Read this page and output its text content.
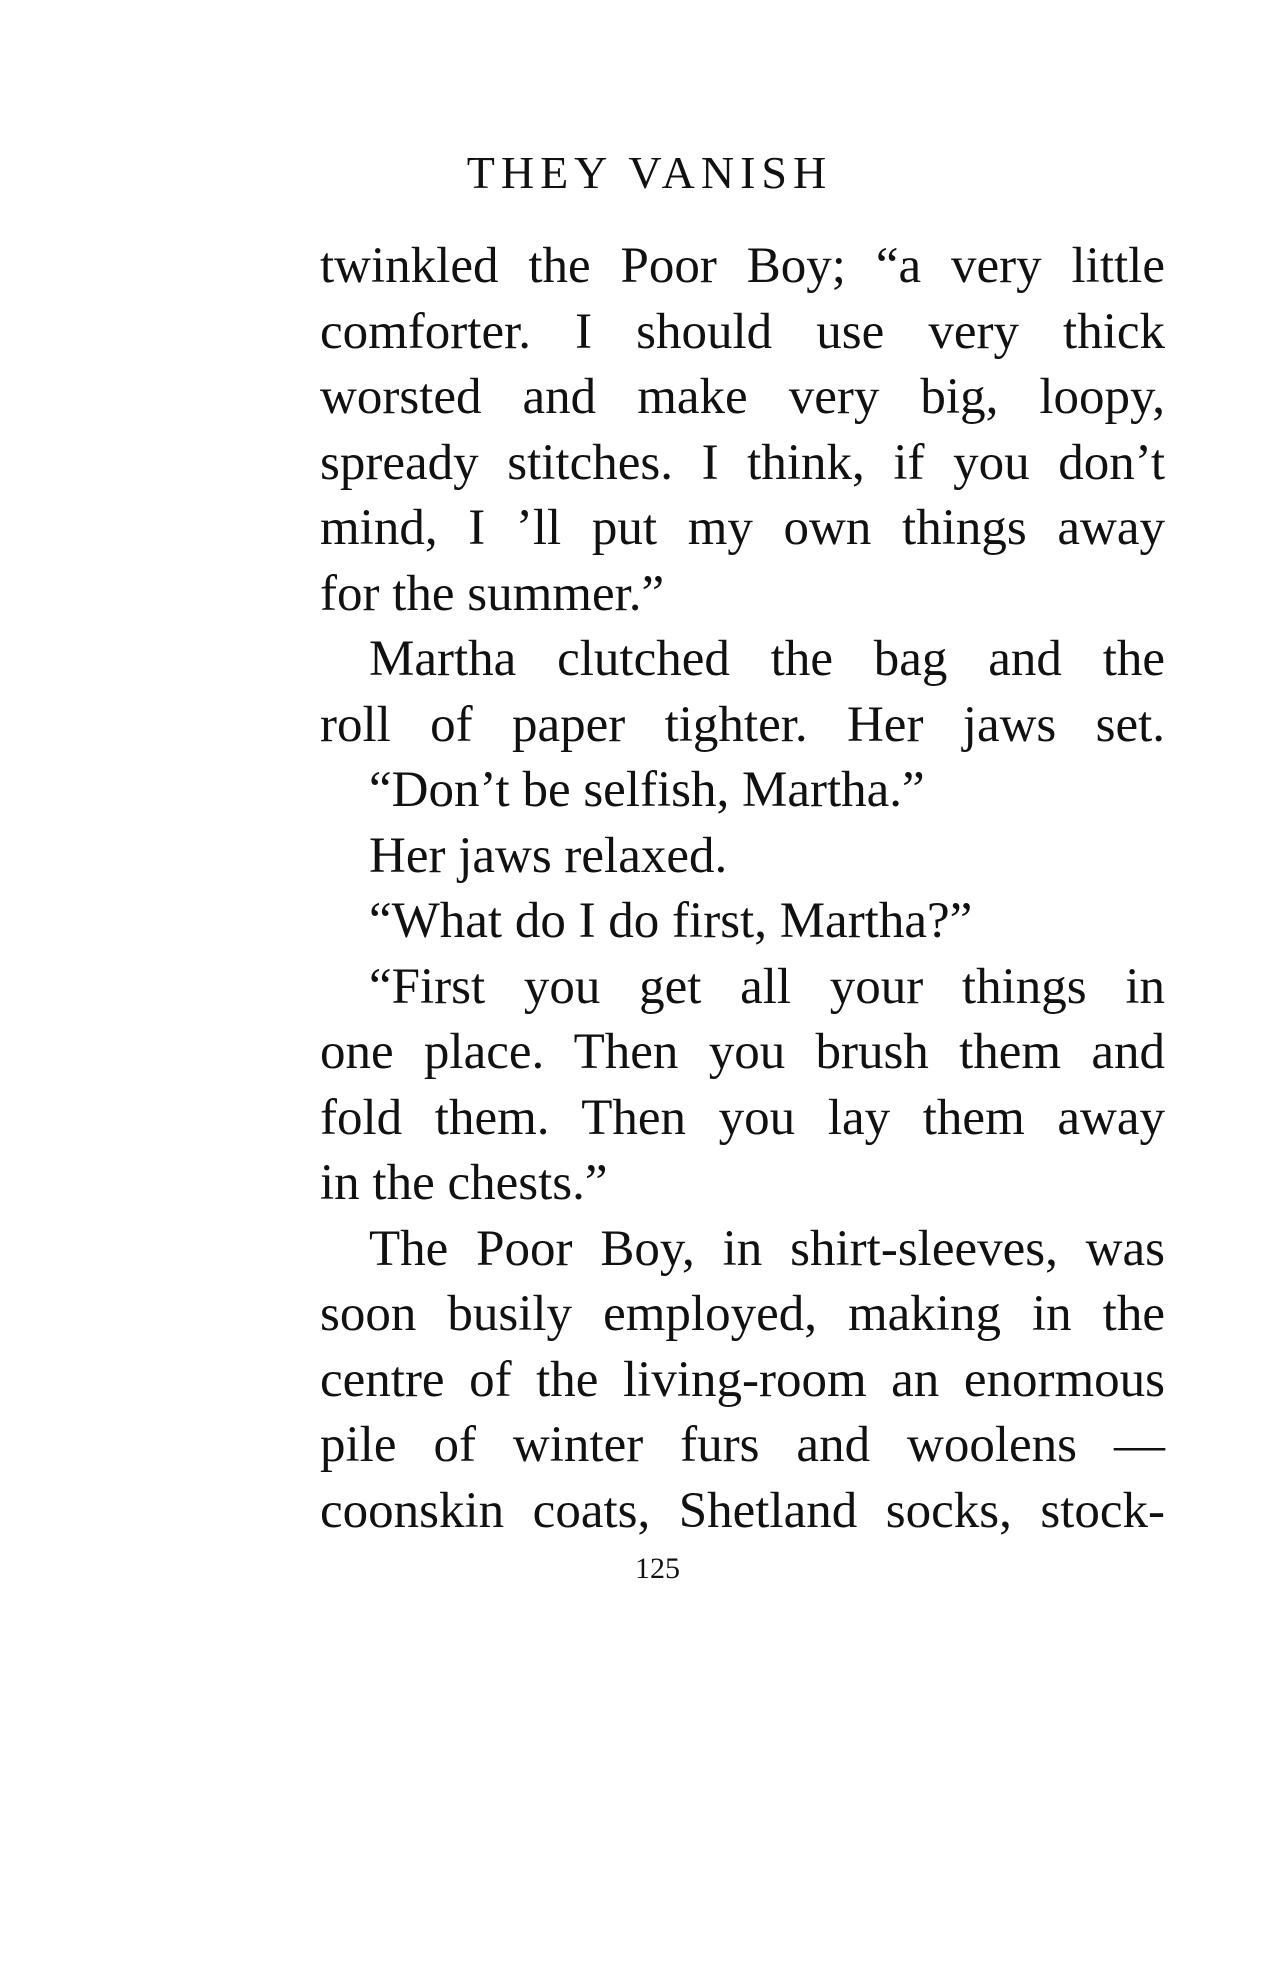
THEY VANISH
twinkled the Poor Boy; “a very little
comforter. I should use very thick
worsted and make very big, loopy,
spready stitches. I think, if you don’t
mind, I ’ll put my own things away
for the summer.”
Martha clutched the bag and the
roll of paper tighter. Her jaws set.
“Don’t be selfish, Martha.”
Her jaws relaxed.
“What do I do first, Martha?”
“First you get all your things in
one place. Then you brush them and
fold them. Then you lay them away
in the chests.”
The Poor Boy, in shirt-sleeves, was
soon busily employed, making in the
centre of the living-room an enormous
pile of winter furs and woolens —
coonskin coats, Shetland socks, stock-
125
